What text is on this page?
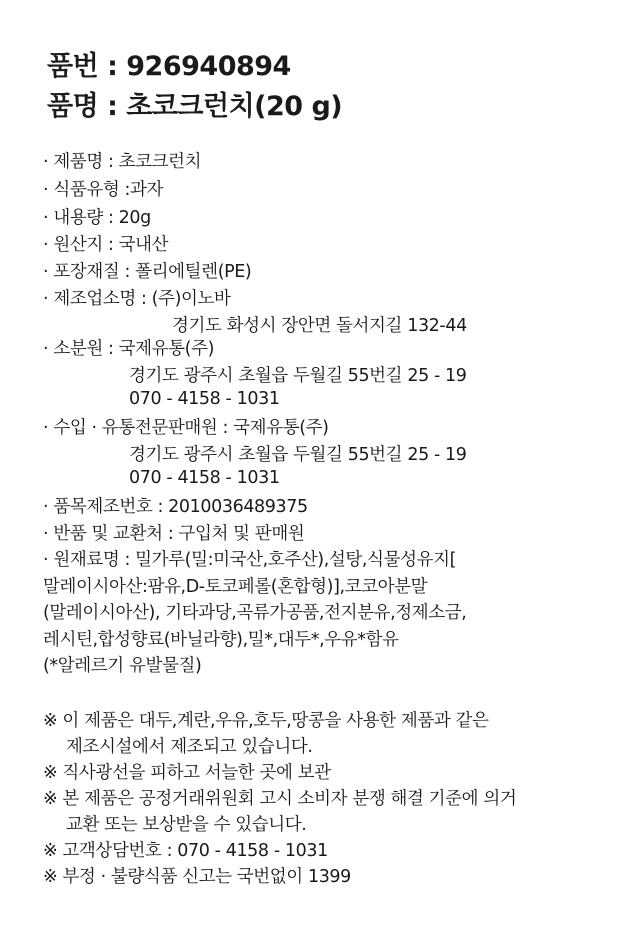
품번 : 926940894
품명 : 초코크런치(20 g)
· 제품명 : 초코크런치
· 식품유형 :과자
· 내용량 : 20g
· 원산지 : 국내산
· 포장재질 : 폴리에틸렌(PE)
· 제조업소명 : (주)이노바
경기도 화성시 장안면 돌서지길 132-44
· 소분원 : 국제유통(주)
경기도 광주시 초월읍 두월길 55번길 25 - 19
070 - 4158 - 1031
· 수입 · 유통전문판매원 : 국제유통(주)
경기도 광주시 초월읍 두월길 55번길 25 - 19
070 - 4158 - 1031
· 품목제조번호 : 2010036489375
· 반품 및 교환처 : 구입처 및 판매원
· 원재료명 : 밀가루(밀:미국산,호주산),설탕,식물성유지[
말레이시아산:팜유,D-토코페롤(혼합형)],코코아분말
(말레이시아산), 기타과당,곡류가공품,전지분유,정제소금,
레시틴,합성향료(바닐라향),밀*,대두*,우유*함유
(*알레르기 유발물질)
※ 이 제품은 대두,계란,우유,호두,땅콩을 사용한 제품과 같은
제조시설에서 제조되고 있습니다.
※ 직사광선을 피하고 서늘한 곳에 보관
※ 본 제품은 공정거래위원회 고시 소비자 분쟁 해결 기준에 의거
교환 또는 보상받을 수 있습니다.
※ 고객상담번호 : 070 - 4158 - 1031
※ 부정 · 불량식품 신고는 국번없이 1399
